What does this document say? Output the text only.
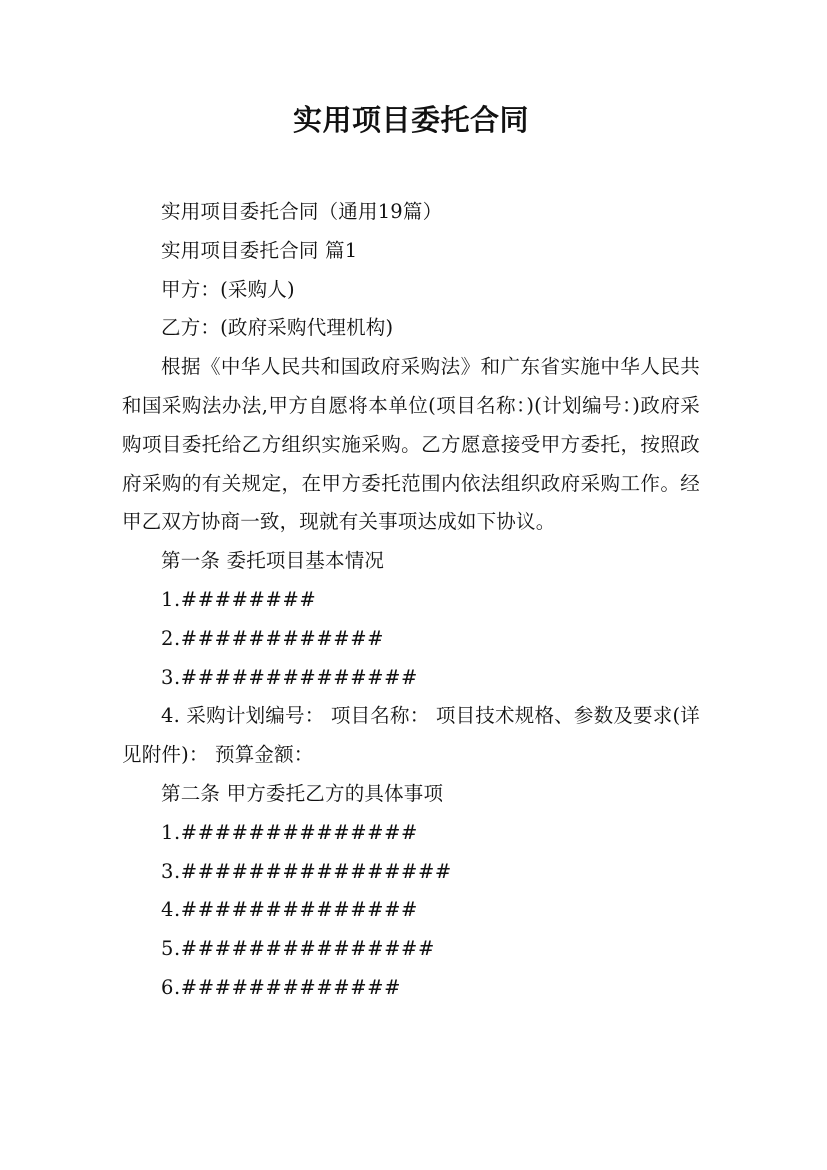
实用项目委托合同

实用项目委托合同（通用19篇）

实用项目委托合同 篇1

甲方：(采购人)

乙方：(政府采购代理机构)

根据《中华人民共和国政府采购法》和广东省实施中华人民共和国采购法办法,甲方自愿将本单位(项目名称：)(计划编号：)政府采购项目委托给乙方组织实施采购。乙方愿意接受甲方委托，按照政府采购的有关规定，在甲方委托范围内依法组织政府采购工作。经甲乙双方协商一致，现就有关事项达成如下协议。

第一条 委托项目基本情况

1.########

2.############

3.##############

4. 采购计划编号： 项目名称： 项目技术规格、参数及要求(详见附件)： 预算金额：

第二条 甲方委托乙方的具体事项

1.##############

3.################

4.##############

5.###############

6.#############
